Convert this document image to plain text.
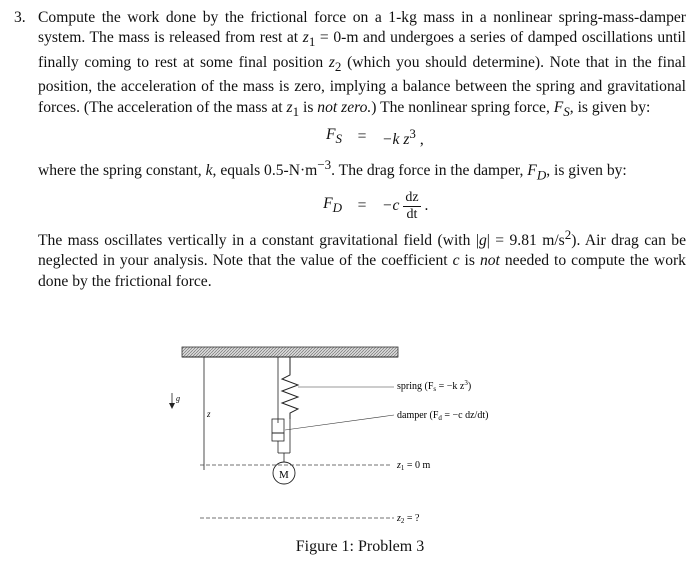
3. Compute the work done by the frictional force on a 1-kg mass in a nonlinear spring-mass-damper system. The mass is released from rest at $z_1 = 0-m$ and undergoes a series of damped oscillations until finally coming to rest at some final position $z_2$ (which you should determine). Note that in the final position, the acceleration of the mass is zero, implying a balance between the spring and gravitational forces. (The acceleration of the mass at $z_1$ is not zero.) The nonlinear spring force, $F_S$, is given by:

$F_S$ =	−k $z^3$ ,

where the spring constant, k, equals $0.5-N\cdot m^{-3}$. The drag force in the damper, $F_D$, is given by:

$F_D$ =	$-c \frac{dz}{dt}$ .

The mass oscillates vertically in a constant gravitational field (with |g| = 9.81 $m/s^2$). Air drag can be neglected in your analysis. Note that the value of the coefficient c is not needed to compute the work done by the frictional force.

M
spring ($F_s = -k$ $z^3$)
damper ($F_d = -c$ dz/dt)
$z_1 = 0$ m
$z_2$ = ?
z
g
Figure 1: Problem 3
